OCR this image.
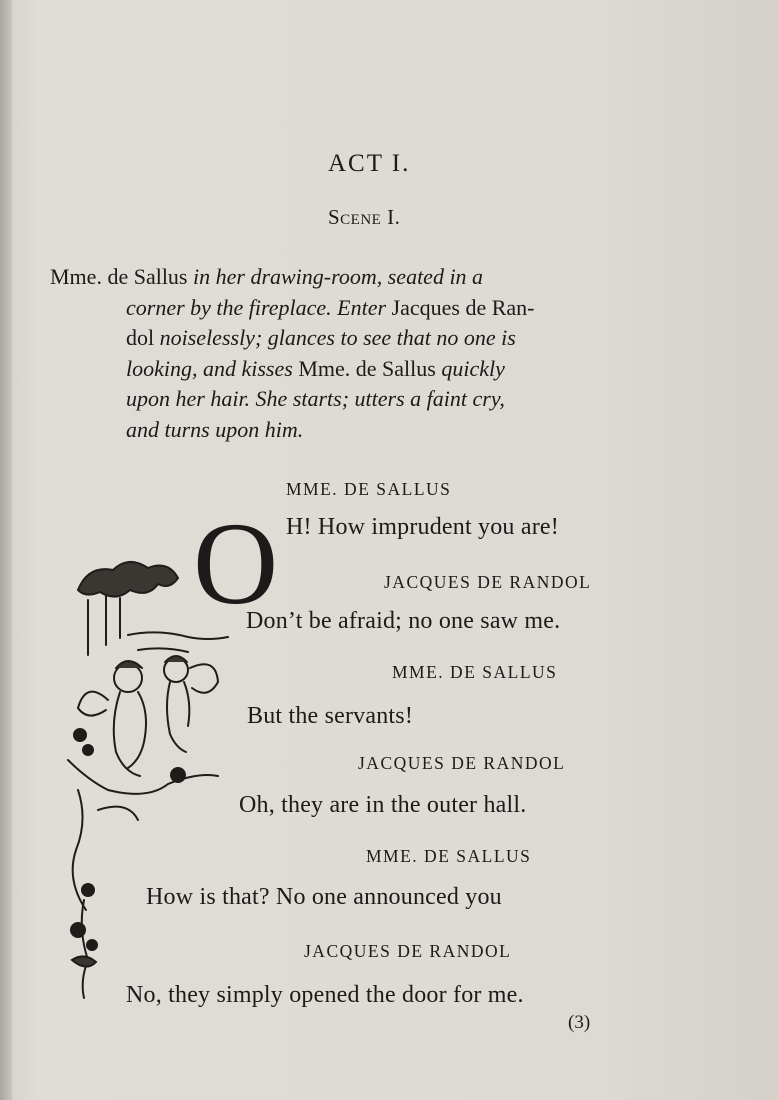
ACT I.
Scene I.
Mme. de Sallus in her drawing-room, seated in a
corner by the fireplace. Enter Jacques de Ran-
dol noiselessly; glances to see that no one is
looking, and kisses Mme. de Sallus quickly
upon her hair. She starts; utters a faint cry,
and turns upon him.
MME. DE SALLUS
O H! How imprudent you are!
JACQUES DE RANDOL
Don’t be afraid; no one saw me.
MME. DE SALLUS
But the servants!
JACQUES DE RANDOL
Oh, they are in the outer hall.
MME. DE SALLUS
How is that? No one announced you
JACQUES DE RANDOL
No, they simply opened the door for me.
(3)
